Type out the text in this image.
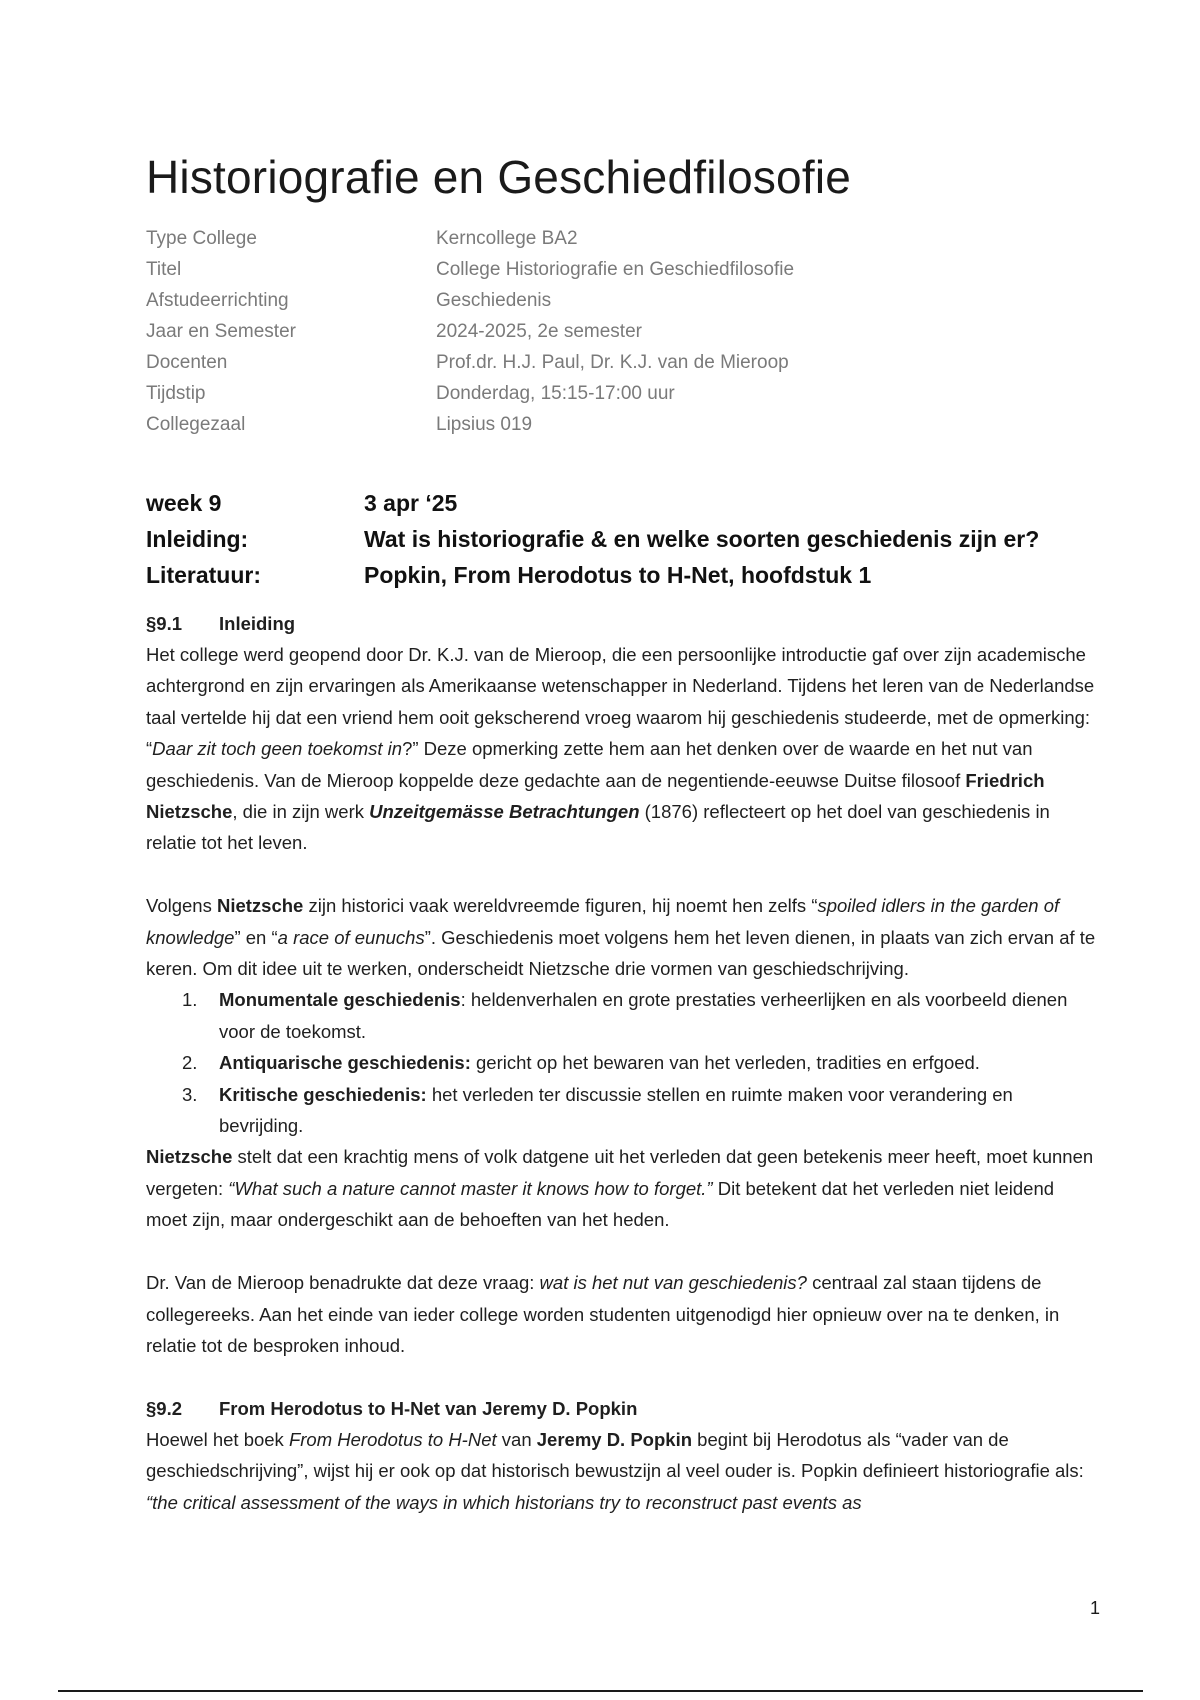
Historiografie en Geschiedfilosofie
Type College	Kerncollege BA2
Titel	College Historiografie en Geschiedfilosofie
Afstudeerrichting	Geschiedenis
Jaar en Semester	2024-2025, 2e semester
Docenten	Prof.dr. H.J. Paul, Dr. K.J. van de Mieroop
Tijdstip	Donderdag, 15:15-17:00 uur
Collegezaal	Lipsius 019
week 9	3 apr ‘25
Inleiding:	Wat is historiografie & en welke soorten geschiedenis zijn er?
Literatuur:	Popkin, From Herodotus to H-Net, hoofdstuk 1
§9.1	Inleiding

Het college werd geopend door Dr. K.J. van de Mieroop, die een persoonlijke introductie gaf over zijn academische achtergrond en zijn ervaringen als Amerikaanse wetenschapper in Nederland. Tijdens het leren van de Nederlandse taal vertelde hij dat een vriend hem ooit gekscherend vroeg waarom hij geschiedenis studeerde, met de opmerking: “Daar zit toch geen toekomst in?” Deze opmerking zette hem aan het denken over de waarde en het nut van geschiedenis. Van de Mieroop koppelde deze gedachte aan de negentiende-eeuwse Duitse filosoof Friedrich Nietzsche, die in zijn werk Unzeitgemässe Betrachtungen (1876) reflecteert op het doel van geschiedenis in relatie tot het leven.

Volgens Nietzsche zijn historici vaak wereldvreemde figuren, hij noemt hen zelfs “spoiled idlers in the garden of knowledge” en “a race of eunuchs”. Geschiedenis moet volgens hem het leven dienen, in plaats van zich ervan af te keren. Om dit idee uit te werken, onderscheidt Nietzsche drie vormen van geschiedschrijving.

1. Monumentale geschiedenis: heldenverhalen en grote prestaties verheerlijken en als voorbeeld dienen voor de toekomst.
2. Antiquarische geschiedenis: gericht op het bewaren van het verleden, tradities en erfgoed.
3. Kritische geschiedenis: het verleden ter discussie stellen en ruimte maken voor verandering en bevrijding.

Nietzsche stelt dat een krachtig mens of volk datgene uit het verleden dat geen betekenis meer heeft, moet kunnen vergeten: “What such a nature cannot master it knows how to forget.” Dit betekent dat het verleden niet leidend moet zijn, maar ondergeschikt aan de behoeften van het heden.

Dr. Van de Mieroop benadrukte dat deze vraag: wat is het nut van geschiedenis? centraal zal staan tijdens de collegereeks. Aan het einde van ieder college worden studenten uitgenodigd hier opnieuw over na te denken, in relatie tot de besproken inhoud.

§9.2	From Herodotus to H-Net van Jeremy D. Popkin

Hoewel het boek From Herodotus to H-Net van Jeremy D. Popkin begint bij Herodotus als “vader van de geschiedschrijving”, wijst hij er ook op dat historisch bewustzijn al veel ouder is. Popkin definieert historiografie als: “the critical assessment of the ways in which historians try to reconstruct past events as

1
